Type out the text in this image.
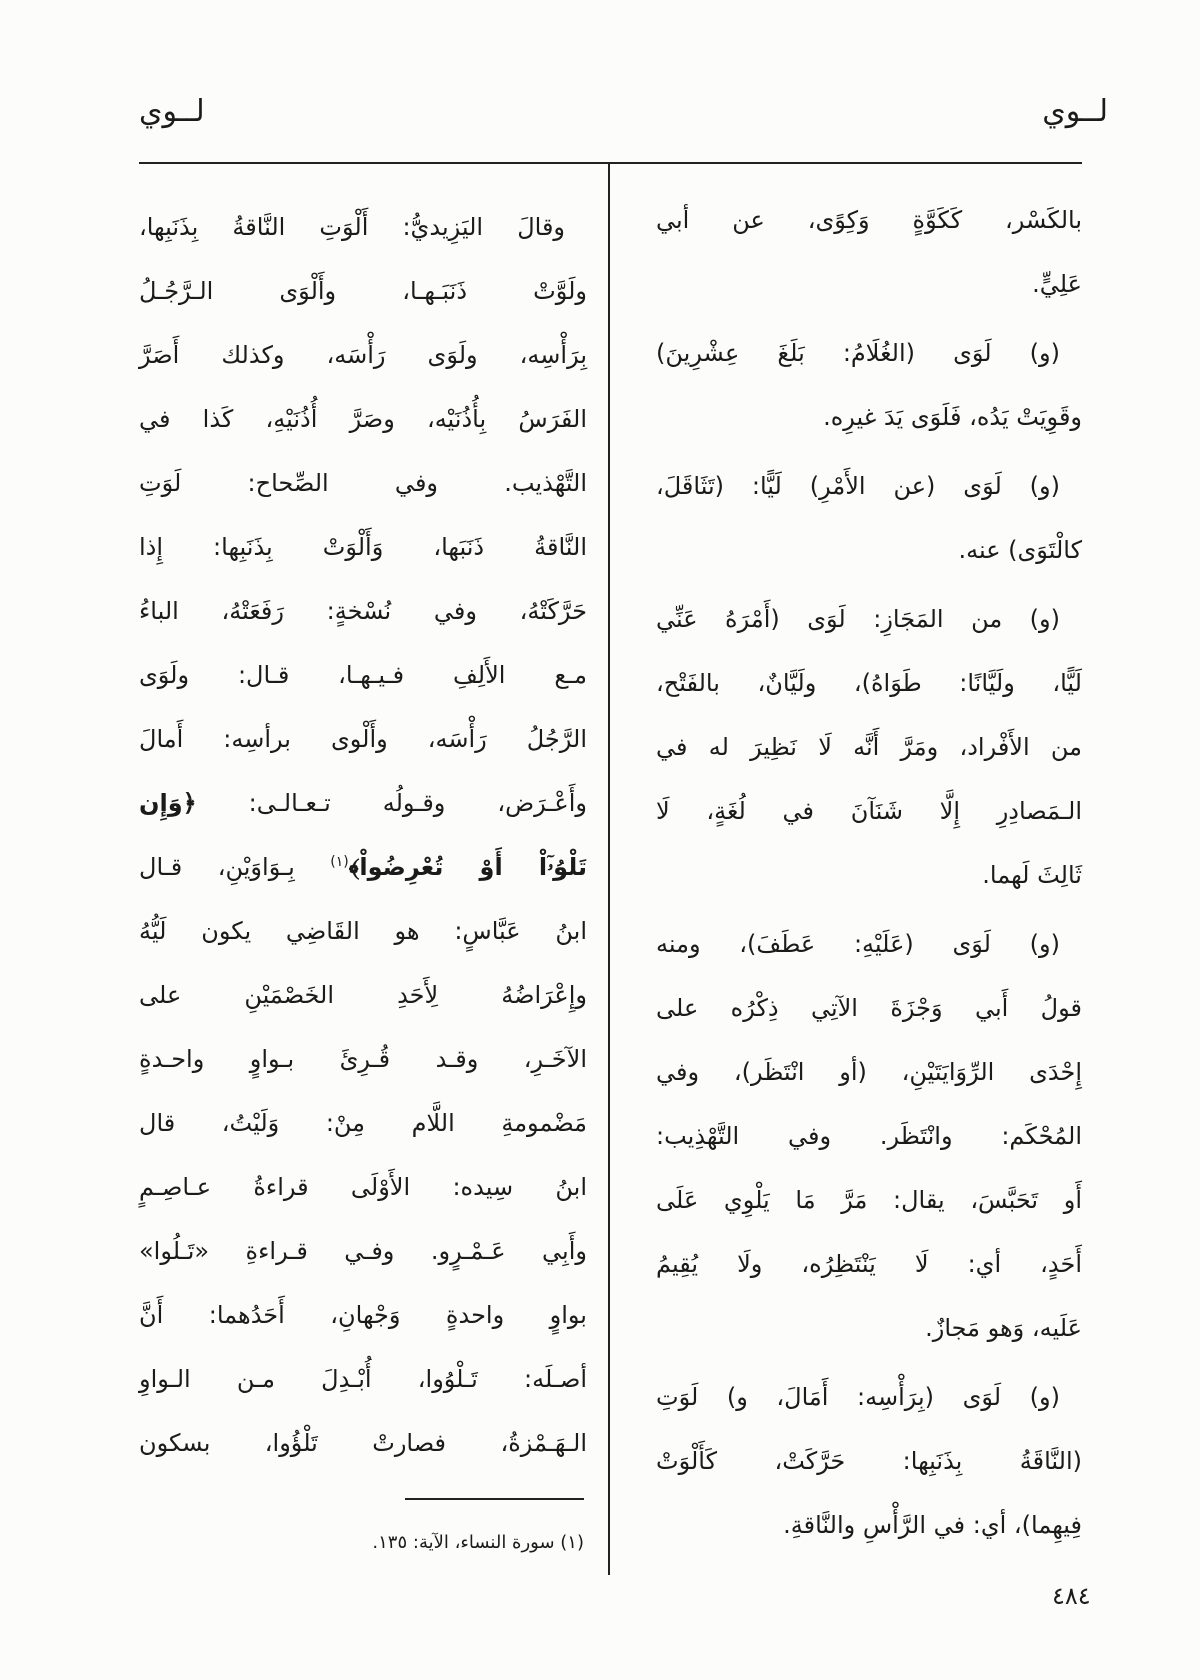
لــوي
لــوي
بالكَسْر، كَكَوَّةٍ وَكِوًى، عن أبي
عَلِيٍّ.
(و) لَوَى (الغُلَامُ: بَلَغَ عِشْرِينَ)
وقَوِيَتْ يَدُه، فَلَوَى يَدَ غيرِه.
(و) لَوَى (عن الأَمْرِ) لَيًّا: (تَثَاقَلَ،
كالْتَوَى) عنه.
(و) من المَجَازِ: لَوَى (أَمْرَهُ عَنِّي
لَيًّا، ولَيَّانًا: طَوَاهُ)، ولَيَّانٌ، بالفَتْح،
من الأَفْراد، ومَرَّ أَنَّه لَا نَظِيرَ له في
الـمَصادِرِ إِلَّا شَنَآنَ في لُغَةٍ، لَا
ثَالِثَ لَهما.
(و) لَوَى (عَلَيْهِ: عَطَفَ)، ومنه
قولُ أَبي وَجْزَةَ الآتِي ذِكْرُه على
إِحْدَى الرِّوَايَتَيْنِ، (أو انْتَظَر)، وفي
المُحْكَم: وانْتَظَر. وفي التَّهْذِيب:
أَو تَحَبَّسَ، يقال: مَرَّ مَا يَلْوِي عَلَى
أَحَدٍ، أي: لَا يَنْتَظِرُه، ولَا يُقِيمُ
عَلَيه، وَهو مَجازٌ.
(و) لَوَى (بِرَأْسِه: أَمَالَ، و) لَوَتِ
(النَّاقَةُ بِذَنَبِها: حَرَّكَتْ، كَأَلْوَتْ
فِيهِما)، أي: في الرَّأْسِ والنَّاقةِ.
وقالَ اليَزِيديُّ: أَلْوَتِ النَّاقةُ بِذَنَبِها،
ولَوَّتْ ذَنَبَـهـا، وأَلْوَى الـرَّجُـلُ
بِرَأْسِه، ولَوَى رَأْسَه، وكذلك أَصَرَّ
الفَرَسُ بِأُذُنَيْه، وصَرَّ أُذُنَيْهِ، كَذا في
التَّهْذيب. وفي الصِّحاح: لَوَتِ
النَّاقةُ ذَنَبَها، وَأَلْوَتْ بِذَنَبِها: إِذا
حَرَّكَتْهُ، وفي نُسْخةٍ: رَفَعَتْهُ، الباءُ
مـع الأَلِفِ فـيـهـا، قـال: ولَوَى
الرَّجُلُ رَأْسَه، وأَلْوى برأسِه: أَمالَ
وأَعْـرَض، وقـولُه تـعـالـى: ﴿وَإِن
تَلْوُۥٓاْ أَوْ تُعْرِضُواْ﴾$^{(١)}$ بِـوَاوَيْنِ، قـال
ابنُ عَبَّاسٍ: هو القَاضِي يكون لَيُّهُ
وإِعْرَاضُهُ لِأَحَدِ الخَصْمَيْنِ على
الآخَـرِ، وقـد قُـرِئَ بـواوٍ واحـدةٍ
مَضْمومةِ اللَّام مِنْ: وَلَيْتُ، قال
ابنُ سِيده: الأَوْلَى قراءةُ عـاصِـمٍ
وأَبِي عَـمْـرٍو. وفـي قـراءةِ «تَـلُوا»
بواوٍ واحدةٍ وَجْهانِ، أَحَدُهما: أَنَّ
أصـلَه: تَـلْوُوا، أُبْـدِلَ مـن الـواوِ
الـهَـمْزةُ، فصارتْ تَلْؤُوا، بسكون
(١) سورة النساء، الآية: ١٣٥.
٤٨٤
